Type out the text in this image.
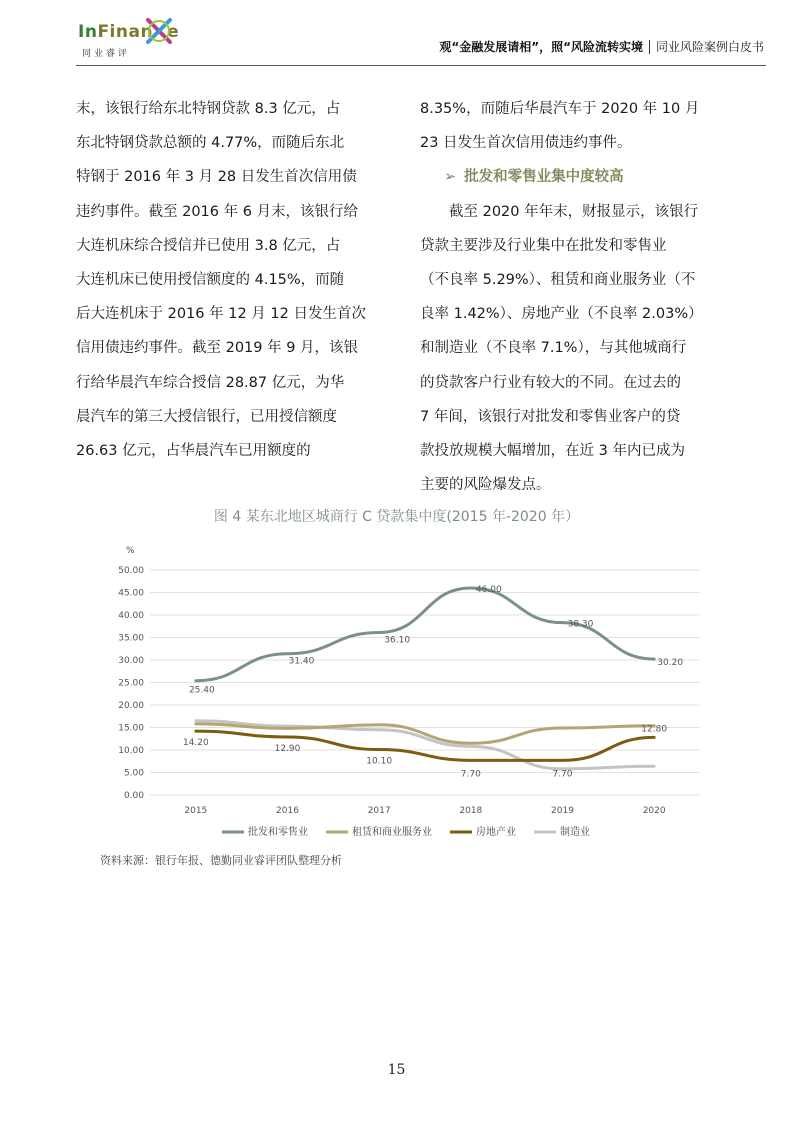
InFinan e
同业睿评	观“金融发展请相”，照“风险流转实境 同业风险案例白皮书
末，该银行给东北特钢贷款 8.3 亿元，占
东北特钢贷款总额的 4.77%，而随后东北
特钢于 2016 年 3 月 28 日发生首次信用债
违约事件。截至 2016 年 6 月末，该银行给
大连机床综合授信并已使用 3.8 亿元，占
大连机床已使用授信额度的 4.15%，而随
后大连机床于 2016 年 12 月 12 日发生首次
信用债违约事件。截至 2019 年 9 月，该银
行给华晨汽车综合授信 28.87 亿元，为华
晨汽车的第三大授信银行，已用授信额度
26.63 亿元，占华晨汽车已用额度的
8.35%，而随后华晨汽车于 2020 年 10 月
23 日发生首次信用债违约事件。
➢ 批发和零售业集中度较高
截至 2020 年年末，财报显示，该银行
贷款主要涉及行业集中在批发和零售业
（不良率 5.29%）、租赁和商业服务业（不
良率 1.42%）、房地产业（不良率 2.03%）
和制造业（不良率 7.1%），与其他城商行
的贷款客户行业有较大的不同。在过去的
7 年间，该银行对批发和零售业客户的贷
款投放规模大幅增加，在近 3 年内已成为
主要的风险爆发点。
图 4 某东北地区城商行 C 贷款集中度(2015 年-2020 年）
%
0.00
5.00
10.00
15.00
20.00
25.00
30.00
35.00
40.00
45.00
50.00
2015	2016	2017	2018	2019	2020
25.40
31.40
36.10
46.00
38.30
30.20
14.20
12.90
10.10
7.70	7.70
12.80
批发和零售业	租赁和商业服务业	房地产业	制造业
资料来源：银行年报、德勤同业睿评团队整理分析
15
